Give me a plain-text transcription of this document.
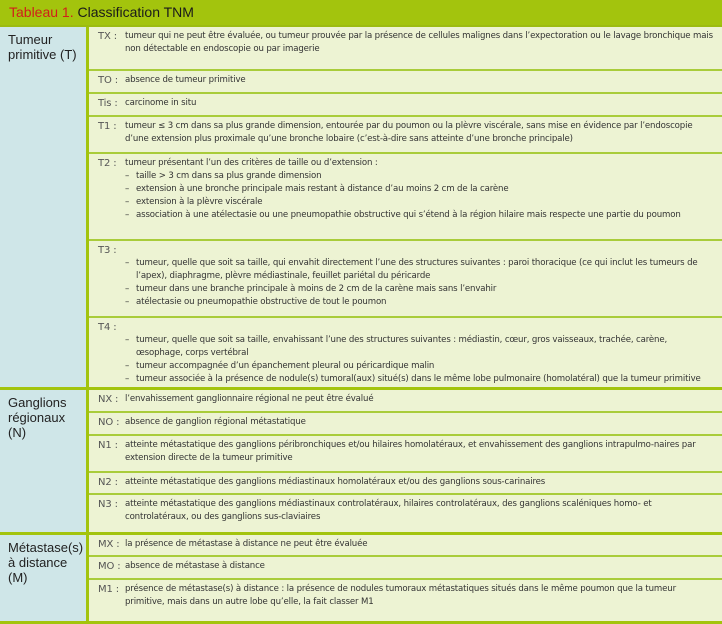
Tableau 1. Classification TNM
Tumeur
primitive (T)
TX : tumeur qui ne peut être évaluée, ou tumeur prouvée par la présence de cellules malignes dans l’expectoration ou le lavage bronchique mais non détectable en endoscopie ou par imagerie
TO : absence de tumeur primitive
Tis : carcinome in situ
T1 : tumeur ≤ 3 cm dans sa plus grande dimension, entourée par du poumon ou la plèvre viscérale, sans mise en évidence par l’endoscopie d’une extension plus proximale qu’une bronche lobaire (c’est-à-dire sans atteinte d’une bronche principale)
T2 : tumeur présentant l’un des critères de taille ou d’extension :
– taille > 3 cm dans sa plus grande dimension
– extension à une bronche principale mais restant à distance d’au moins 2 cm de la carène
– extension à la plèvre viscérale
– association à une atélectasie ou une pneumopathie obstructive qui s’étend à la région hilaire mais respecte une partie du poumon
T3 :
– tumeur, quelle que soit sa taille, qui envahit directement l’une des structures suivantes : paroi thoracique (ce qui inclut les tumeurs de l’apex), diaphragme, plèvre médiastinale, feuillet pariétal du péricarde
– tumeur dans une branche principale à moins de 2 cm de la carène mais sans l’envahir
– atélectasie ou pneumopathie obstructive de tout le poumon
T4 :
– tumeur, quelle que soit sa taille, envahissant l’une des structures suivantes : médiastin, cœur, gros vaisseaux, trachée, carène, œsophage, corps vertébral
– tumeur accompagnée d’un épanchement pleural ou péricardique malin
– tumeur associée à la présence de nodule(s) tumoral(aux) situé(s) dans le même lobe pulmonaire (homolatéral) que la tumeur primitive
Ganglions
régionaux (N)
NX : l’envahissement ganglionnaire régional ne peut être évalué
NO : absence de ganglion régional métastatique
N1 : atteinte métastatique des ganglions péribronchiques et/ou hilaires homolatéraux, et envahissement des ganglions intrapulmo-naires par extension directe de la tumeur primitive
N2 : atteinte métastatique des ganglions médiastinaux homolatéraux et/ou des ganglions sous-carinaires
N3 : atteinte métastatique des ganglions médiastinaux controlatéraux, hilaires controlatéraux, des ganglions scaléniques homo- et controlatéraux, ou des ganglions sus-claviaires
Métastase(s)
à distance (M)
MX : la présence de métastase à distance ne peut être évaluée
MO : absence de métastase à distance
M1 : présence de métastase(s) à distance : la présence de nodules tumoraux métastatiques situés dans le même poumon que la tumeur primitive, mais dans un autre lobe qu’elle, la fait classer M1
